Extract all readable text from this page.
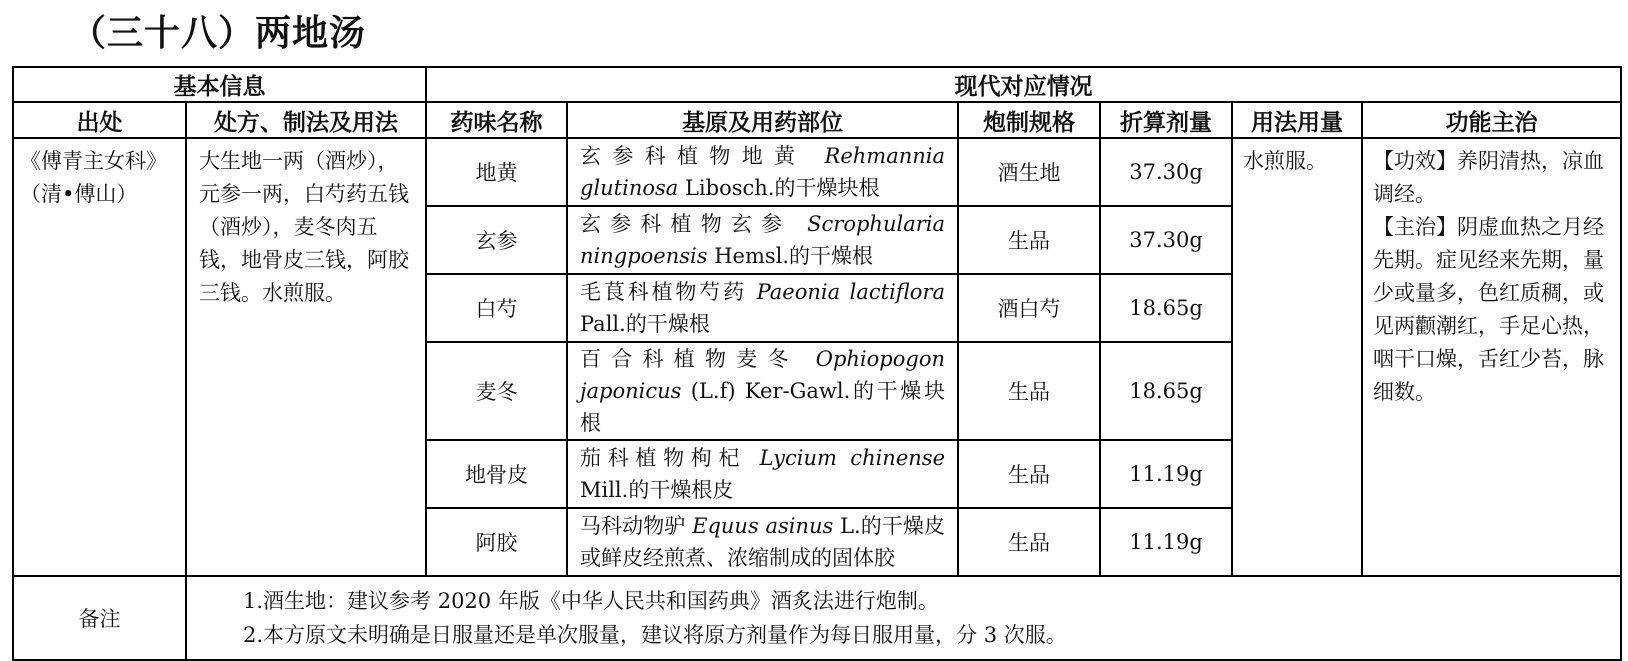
（三十八）两地汤
基本信息		现代对应情况					
出处	处方、制法及用法	药味名称	基原及用药部位	炮制规格	折算剂量	用法用量	功能主治
《傅青主女科》（清•傅山）	大生地一两（酒炒），元参一两，白芍药五钱（酒炒），麦冬肉五钱，地骨皮三钱，阿胶三钱。水煎服。	地黄	玄参科植物地黄 Rehmannia glutinosa Libosch.的干燥块根	酒生地	37.30g	水煎服。	【功效】养阴清热，凉血调经。
【主治】阴虚血热之月经先期。症见经来先期，量少或量多，色红质稠，或见两颧潮红，手足心热，咽干口燥，舌红少苔，脉细数。

		玄参	玄参科植物玄参 Scrophularia ningpoensis Hemsl.的干燥根	生品	37.30g		
		白芍	毛茛科植物芍药 Paeonia lactiflora Pall.的干燥根	酒白芍	18.65g		
		麦冬	百合科植物麦冬 Ophiopogon japonicus (L.f) Ker-Gawl.的干燥块根	生品	18.65g		
		地骨皮	茄科植物枸杞 Lycium chinense Mill.的干燥根皮	生品	11.19g		
		阿胶	马科动物驴 Equus asinus L.的干燥皮或鲜皮经煎煮、浓缩制成的固体胶	生品	11.19g		
备注	1.酒生地：建议参考 2020 年版《中华人民共和国药典》酒炙法进行炮制。
2.本方原文未明确是日服量还是单次服量，建议将原方剂量作为每日服用量，分 3 次服。						
